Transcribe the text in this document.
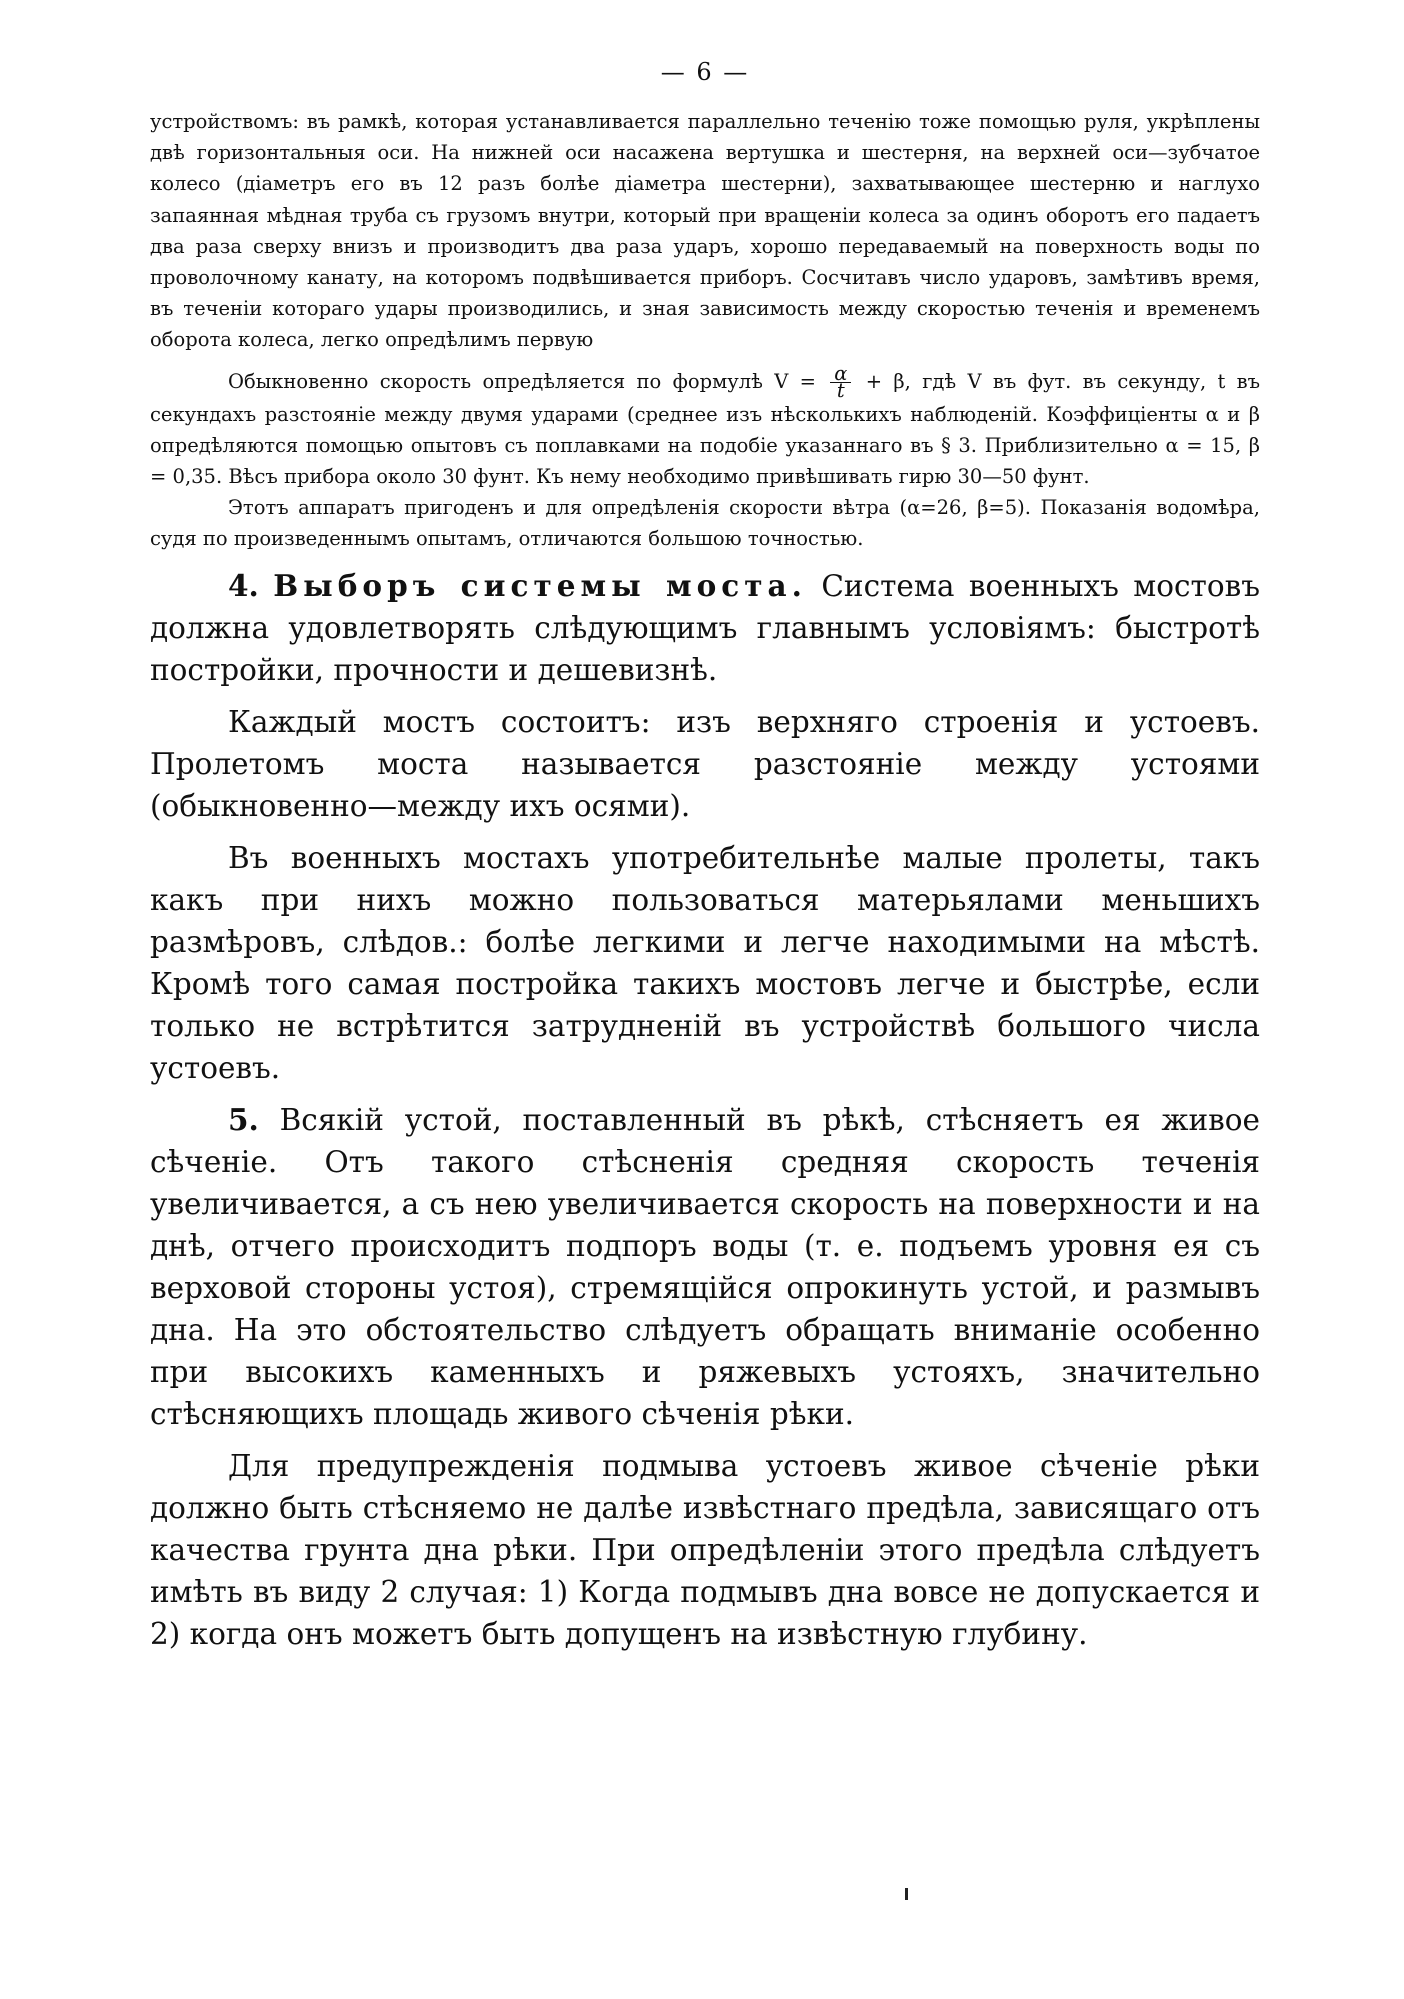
— 6 —

устройствомъ: въ рамкѣ, которая устанавливается параллельно теченiю тоже помощью руля, укрѣплены двѣ горизонтальныя оси. На нижней оси насажена вертушка и шестерня, на верхней оси—зубчатое колесо (дiаметръ его въ 12 разъ болѣе дiаметра шестерни), захватывающее шестерню и наглухо запаянная мѣдная труба съ грузомъ внутри, который при вращенiи колеса за одинъ оборотъ его падаетъ два раза сверху внизъ и производитъ два раза ударъ, хорошо передаваемый на поверхность воды по проволочному канату, на которомъ подвѣшивается приборъ. Сосчитавъ число ударовъ, замѣтивъ время, въ теченiи котораго удары производились, и зная зависимость между скоростью теченiя и временемъ оборота колеса, легко опредѣлимъ первую

Обыкновенно скорость опредѣляется по формулѣ $V = \frac{\alpha}{t} + \beta$, гдѣ V въ фут. въ секунду, t въ секундахъ разстоянiе между двумя ударами (среднее изъ нѣсколькихъ наблюденiй. Коэффицiенты α и β опредѣляются помощью опытовъ съ поплавками на подобiе указаннаго въ § 3. Приблизительно α = 15, β = 0,35. Вѣсъ прибора около 30 фунт. Къ нему необходимо привѣшивать гирю 30—50 фунт.

Этотъ аппаратъ пригоденъ и для опредѣленiя скорости вѣтра (α=26, β=5). Показанiя водомѣра, судя по произведеннымъ опытамъ, отличаются большою точностью.

4. Выборъ системы моста. Система военныхъ мостовъ должна удовлетворять слѣдующимъ главнымъ условiямъ: быстротѣ постройки, прочности и дешевизнѣ.

Каждый мостъ состоитъ: изъ верхняго строенiя и устоевъ. Пролетомъ моста называется разстоянiе между устоями (обыкновенно—между ихъ осями).

Въ военныхъ мостахъ употребительнѣе малые пролеты, такъ какъ при нихъ можно пользоваться матерьялами меньшихъ размѣровъ, слѣдов.: болѣе легкими и легче находимыми на мѣстѣ. Кромѣ того самая постройка такихъ мостовъ легче и быстрѣе, если только не встрѣтится затрудненiй въ устройствѣ большого числа устоевъ.

5. Всякiй устой, поставленный въ рѣкѣ, стѣсняетъ ея живое сѣченiе. Отъ такого стѣсненiя средняя скорость теченiя увеличивается, а съ нею увеличивается скорость на поверхности и на днѣ, отчего происходитъ подпоръ воды (т. е. подъемъ уровня ея съ верховой стороны устоя), стремящiйся опрокинуть устой, и размывъ дна. На это обстоятельство слѣдуетъ обращать вниманiе особенно при высокихъ каменныхъ и ряжевыхъ устояхъ, значительно стѣсняющихъ площадь живого сѣченiя рѣки.

Для предупрежденiя подмыва устоевъ живое сѣченiе рѣки должно быть стѣсняемо не далѣе извѣстнаго предѣла, зависящаго отъ качества грунта дна рѣки. При опредѣленiи этого предѣла слѣдуетъ имѣть въ виду 2 случая: 1) Когда подмывъ дна вовсе не допускается и 2) когда онъ можетъ быть допущенъ на извѣстную глубину.
